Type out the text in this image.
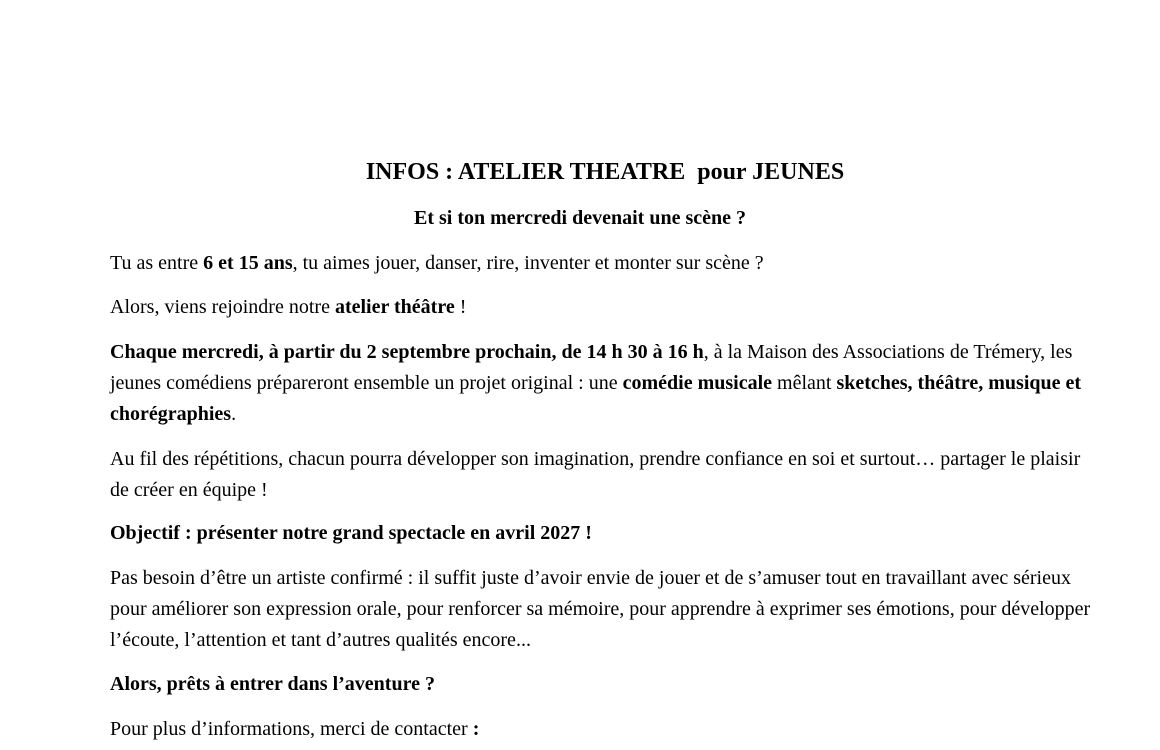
INFOS : ATELIER THEATRE  pour JEUNES
Et si ton mercredi devenait une scène ?

Tu as entre 6 et 15 ans, tu aimes jouer, danser, rire, inventer et monter sur scène ?

Alors, viens rejoindre notre atelier théâtre !

Chaque mercredi, à partir du 2 septembre prochain, de 14 h 30 à 16 h, à la Maison des Associations de Trémery, les jeunes comédiens prépareront ensemble un projet original : une comédie musicale mêlant sketches, théâtre, musique et chorégraphies.

Au fil des répétitions, chacun pourra développer son imagination, prendre confiance en soi et surtout… partager le plaisir de créer en équipe !

Objectif : présenter notre grand spectacle en avril 2027 !

Pas besoin d’être un artiste confirmé : il suffit juste d’avoir envie de jouer et de s’amuser tout en travaillant avec sérieux pour améliorer son expression orale, pour renforcer sa mémoire, pour apprendre à exprimer ses émotions, pour développer l’écoute, l’attention et tant d’autres qualités encore...

Alors, prêts à entrer dans l’aventure ?

Pour plus d’informations, merci de contacter :
